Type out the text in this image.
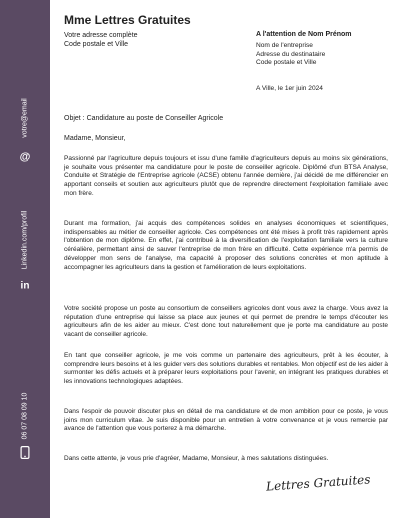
votre@email
@
Linkedin.com/profil
in
06 07 08 09 10
Mme Lettres Gratuites
Votre adresse complète
Code postale et Ville
A l'attention de Nom Prénom
Nom de l'entreprise
Adresse du destinataire
Code postale et Ville
A Ville, le 1er juin 2024
Objet : Candidature au poste de Conseiller Agricole
Madame, Monsieur,

Passionné par l'agriculture depuis toujours et issu d'une famille d'agriculteurs depuis au moins six générations, je souhaite vous présenter ma candidature pour le poste de conseiller agricole. Diplômé d'un BTSA Analyse, Conduite et Stratégie de l'Entreprise agricole (ACSE) obtenu l'année dernière, j'ai décidé de me différencier en apportant conseils et soutien aux agriculteurs plutôt que de reprendre directement l'exploitation familiale avec mon frère.

Durant ma formation, j'ai acquis des compétences solides en analyses économiques et scientifiques, indispensables au métier de conseiller agricole. Ces compétences ont été mises à profit très rapidement après l'obtention de mon diplôme. En effet, j'ai contribué à la diversification de l'exploitation familiale vers la culture céréalière, permettant ainsi de sauver l'entreprise de mon frère en difficulté. Cette expérience m'a permis de développer mon sens de l'analyse, ma capacité à proposer des solutions concrètes et mon aptitude à accompagner les agriculteurs dans la gestion et l'amélioration de leurs exploitations.

Votre société propose un poste au consortium de conseillers agricoles dont vous avez la charge. Vous avez la réputation d'une entreprise qui laisse sa place aux jeunes et qui permet de prendre le temps d'écouter les agriculteurs afin de les aider au mieux. C'est donc tout naturellement que je porte ma candidature au poste vacant de conseiller agricole.

En tant que conseiller agricole, je me vois comme un partenaire des agriculteurs, prêt à les écouter, à comprendre leurs besoins et à les guider vers des solutions durables et rentables. Mon objectif est de les aider à surmonter les défis actuels et à préparer leurs exploitations pour l'avenir, en intégrant les pratiques durables et les innovations technologiques adaptées.

Dans l'espoir de pouvoir discuter plus en détail de ma candidature et de mon ambition pour ce poste, je vous joins mon curriculum vitae. Je suis disponible pour un entretien à votre convenance et je vous remercie par avance de l'attention que vous porterez à ma démarche.

Dans cette attente, je vous prie d'agréer, Madame, Monsieur, à mes salutations distinguées.

Lettres Gratuites
